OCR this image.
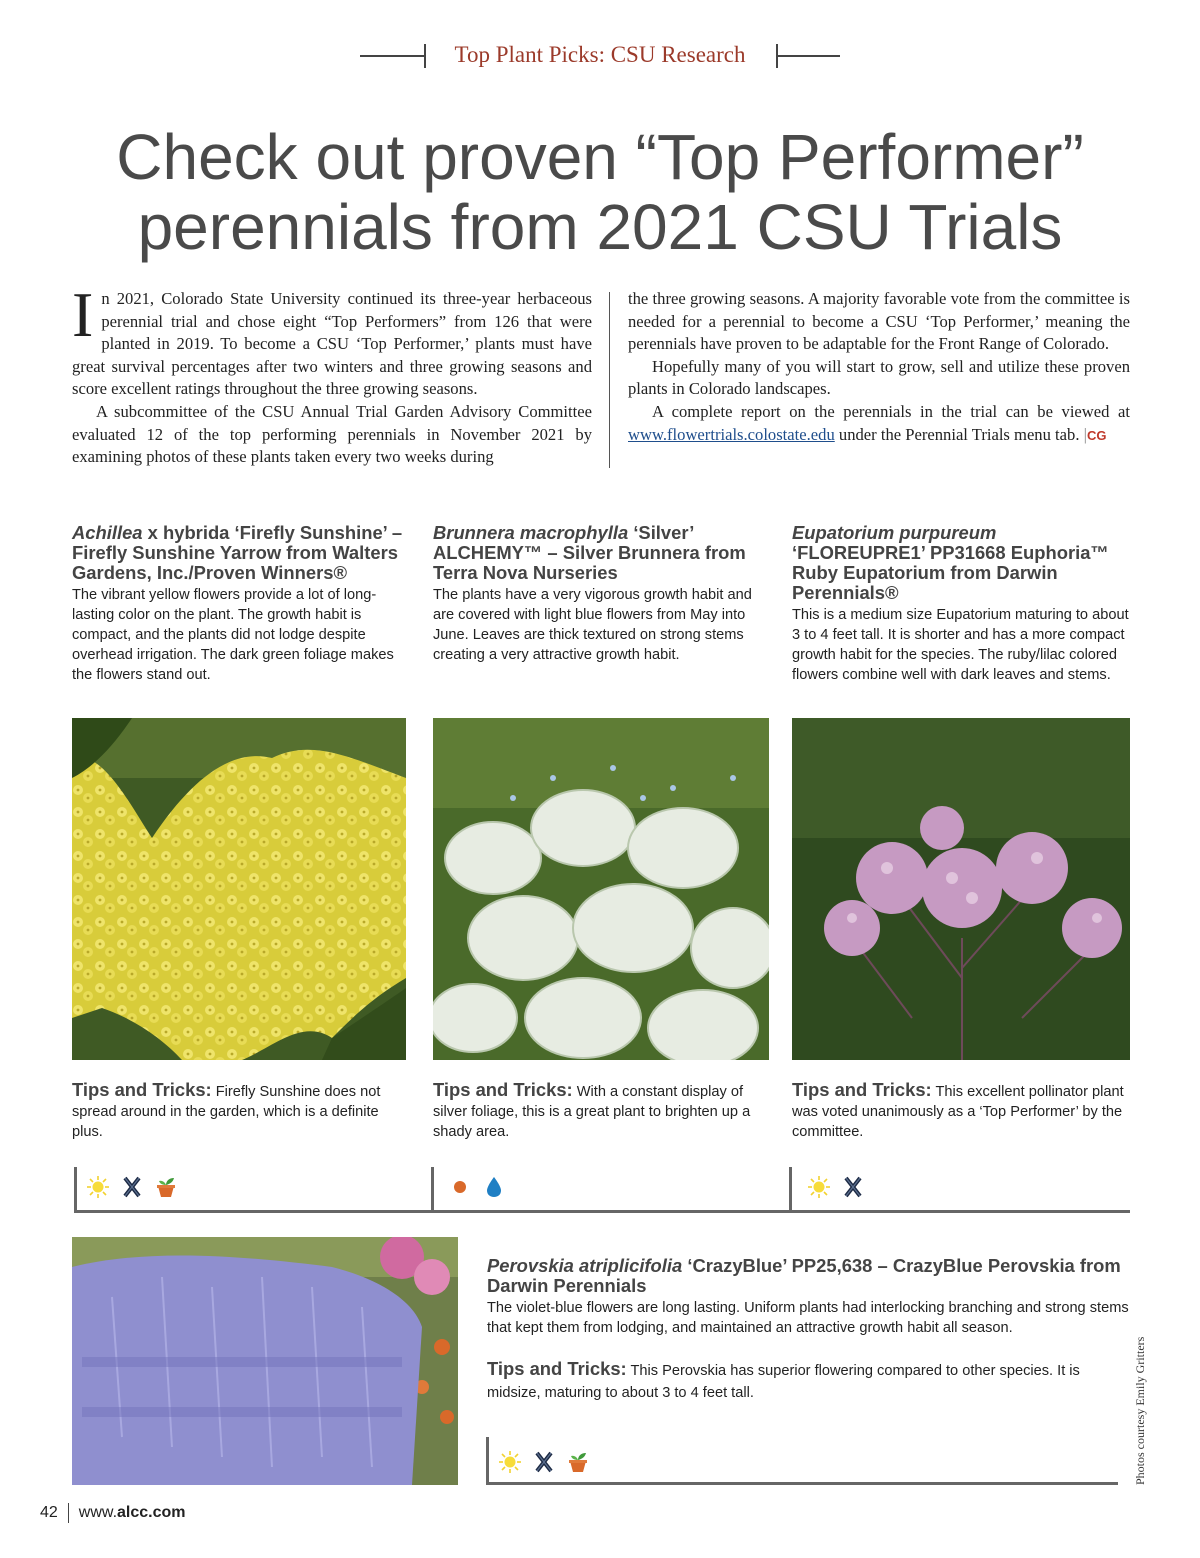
Top Plant Picks: CSU Research
Check out proven “Top Performer”
perennials from 2021 CSU Trials

In 2021, Colorado State University continued its three-year herbaceous perennial trial and chose eight “Top Performers” from 126 that were planted in 2019. To become a CSU ‘Top Performer,’ plants must have great survival percentages after two winters and three growing seasons and score excellent ratings throughout the three growing seasons.

A subcommittee of the CSU Annual Trial Garden Advisory Committee evaluated 12 of the top performing perennials in November 2021 by examining photos of these plants taken every two weeks during

the three growing seasons. A majority favorable vote from the committee is needed for a perennial to become a CSU ‘Top Performer,’ meaning the perennials have proven to be adaptable for the Front Range of Colorado.

Hopefully many of you will start to grow, sell and utilize these proven plants in Colorado landscapes.

A complete report on the perennials in the trial can be viewed at www.flowertrials.colostate.edu under the Perennial Trials menu tab. |CG

Achillea x hybrida ‘Firefly Sunshine’ – Firefly Sunshine Yarrow from Walters Gardens, Inc./Proven Winners®
The vibrant yellow flowers provide a lot of long-lasting color on the plant. The growth habit is compact, and the plants did not lodge despite overhead irrigation. The dark green foliage makes the flowers stand out.
Brunnera macrophylla ‘Silver’ ALCHEMY™ – Silver Brunnera from Terra Nova Nurseries
The plants have a very vigorous growth habit and are covered with light blue flowers from May into June. Leaves are thick textured on strong stems creating a very attractive growth habit.
Eupatorium purpureum ‘FLOREUPRE1’ PP31668 Euphoria™ Ruby Eupatorium from Darwin Perennials®
This is a medium size Eupatorium maturing to about 3 to 4 feet tall. It is shorter and has a more compact growth habit for the species. The ruby/lilac colored flowers combine well with dark leaves and stems.
Tips and Tricks: Firefly Sunshine does not spread around in the garden, which is a definite plus.
Tips and Tricks: With a constant display of silver foliage, this is a great plant to brighten up a shady area.
Tips and Tricks: This excellent pollinator plant was voted unanimously as a ‘Top Performer’ by the committee.
Perovskia atriplicifolia ‘CrazyBlue’ PP25,638 – CrazyBlue Perovskia from Darwin Perennials
The violet-blue flowers are long lasting. Uniform plants had interlocking branching and strong stems that kept them from lodging, and maintained an attractive growth habit all season.
Tips and Tricks: This Perovskia has superior flowering compared to other species. It is midsize, maturing to about 3 to 4 feet tall.	Photos courtesy Emily Gritters
42 www.alcc.com
